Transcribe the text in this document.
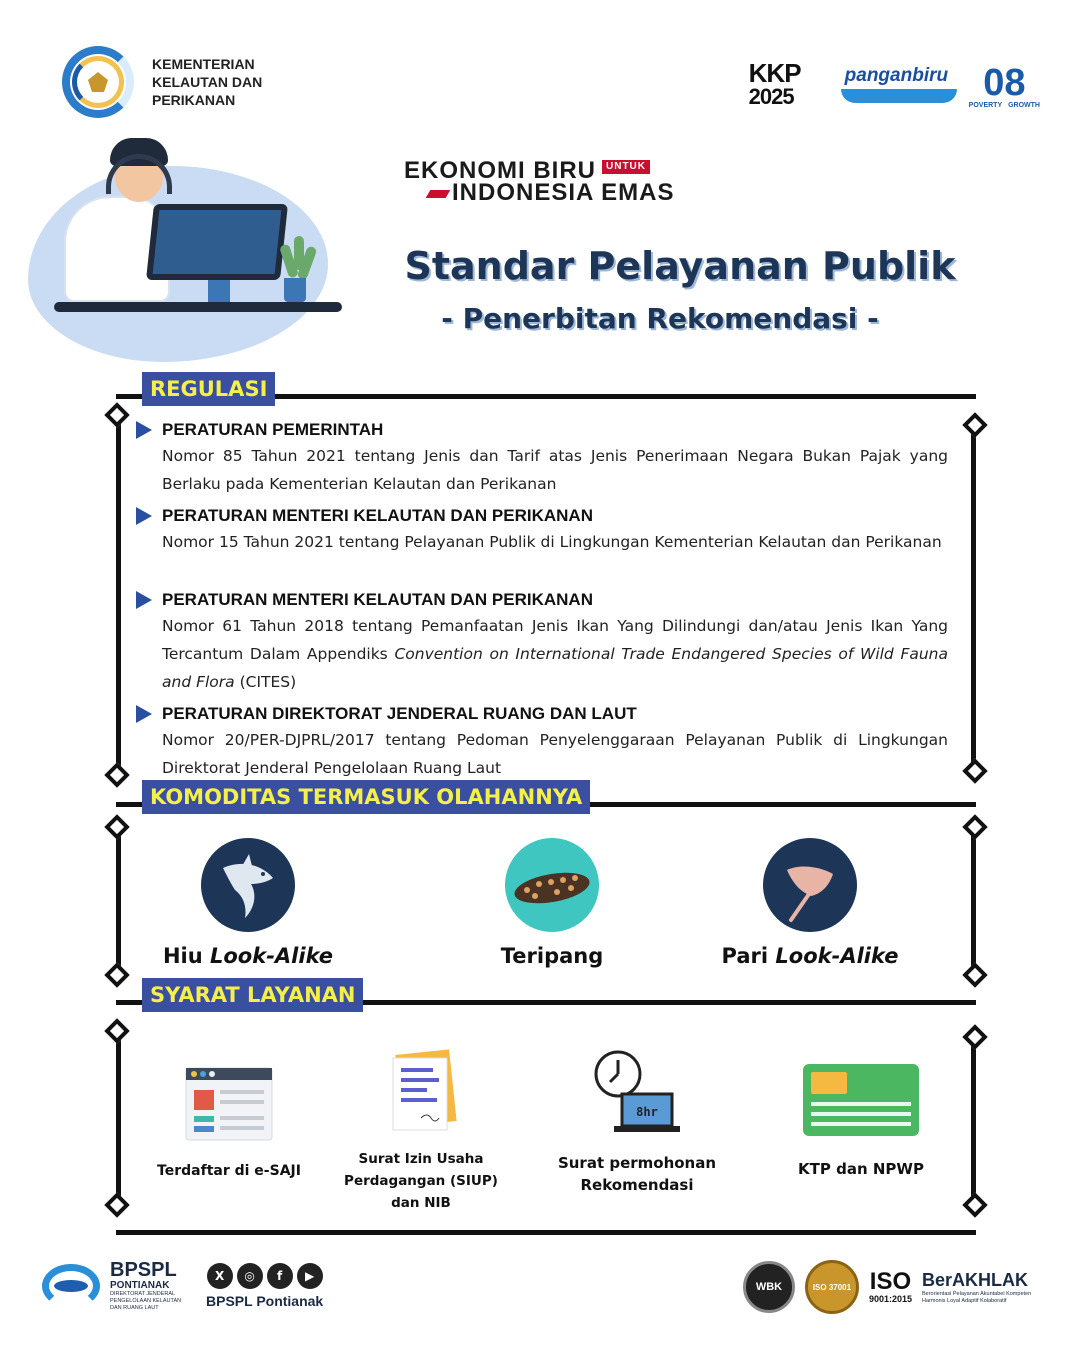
KEMENTERIAN
KELAUTAN DAN
PERIKANAN
KKP
2025
panganbiru 08
POVERTY GROWTH
EKONOMI BIRU UNTUK
INDONESIA EMAS
Standar Pelayanan Publik
- Penerbitan Rekomendasi -
REGULASI
PERATURAN PEMERINTAH
Nomor 85 Tahun 2021 tentang Jenis dan Tarif atas Jenis Penerimaan Negara Bukan Pajak yang Berlaku pada Kementerian Kelautan dan Perikanan
PERATURAN MENTERI KELAUTAN DAN PERIKANAN
Nomor 15 Tahun 2021 tentang Pelayanan Publik di Lingkungan Kementerian Kelautan dan Perikanan
PERATURAN MENTERI KELAUTAN DAN PERIKANAN
Nomor 61 Tahun 2018 tentang Pemanfaatan Jenis Ikan Yang Dilindungi dan/atau Jenis Ikan Yang Tercantum Dalam Appendiks Convention on International Trade Endangered Species of Wild Fauna and Flora (CITES)
PERATURAN DIREKTORAT JENDERAL RUANG DAN LAUT
Nomor 20/PER-DJPRL/2017 tentang Pedoman Penyelenggaraan Pelayanan Publik di Lingkungan Direktorat Jenderal Pengelolaan Ruang Laut
KOMODITAS TERMASUK OLAHANNYA
Hiu Look-Alike	Teripang	Pari Look-Alike
SYARAT LAYANAN
Terdaftar di e-SAJI
Surat Izin Usaha Perdagangan (SIUP) dan NIB
8hr
Surat permohonan Rekomendasi
KTP dan NPWP
BPSPL
PONTIANAK
DIREKTORAT JENDERAL PENGELOLAAN KELAUTAN DAN RUANG LAUT
X	◎	f	▶
BPSPL Pontianak
WBK	ISO 37001 ISO
9001:2015
BerAKHLAK
Berorientasi Pelayanan Akuntabel Kompeten Harmonis Loyal Adaptif Kolaboratif
